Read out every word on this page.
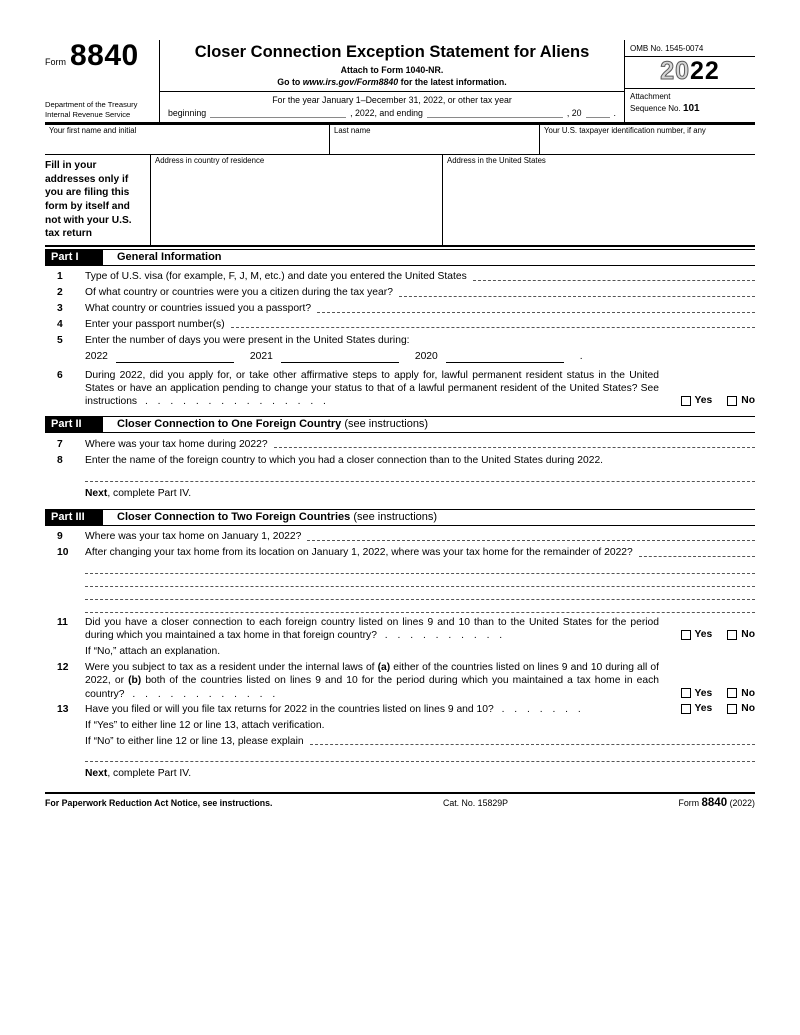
Form 8840
Department of the Treasury
Internal Revenue Service
Closer Connection Exception Statement for Aliens
Attach to Form 1040-NR.
Go to www.irs.gov/Form8840 for the latest information.
For the year January 1–December 31, 2022, or other tax year
beginning	, 2022, and ending	, 20	.
OMB No. 1545-0074
2022
Attachment
Sequence No. 101
Your first name and initial	Last name	Your U.S. taxpayer identification number, if any
Fill in your addresses only if you are filing this form by itself and not with your U.S. tax return
Address in country of residence	Address in the United States
Part I	General Information
1	Type of U.S. visa (for example, F, J, M, etc.) and date you entered the United States
2	Of what country or countries were you a citizen during the tax year?
3	What country or countries issued you a passport?
4	Enter your passport number(s)
5	Enter the number of days you were present in the United States during:
2022	2021	2020	.
6	During 2022, did you apply for, or take other affirmative steps to apply for, lawful permanent resident status in the United States or have an application pending to change your status to that of a lawful permanent resident of the United States? See instructions . . . . . . . . . . . . . . .	Yes	No
Part II	Closer Connection to One Foreign Country (see instructions)
7	Where was your tax home during 2022?
8	Enter the name of the foreign country to which you had a closer connection than to the United States during 2022.
Next, complete Part IV.
Part III	Closer Connection to Two Foreign Countries (see instructions)
9	Where was your tax home on January 1, 2022?
10	After changing your tax home from its location on January 1, 2022, where was your tax home for the remainder of 2022?
11	Did you have a closer connection to each foreign country listed on lines 9 and 10 than to the United States for the period during which you maintained a tax home in that foreign country? . . . . . . . . . .	Yes	No
If “No,” attach an explanation.
12	Were you subject to tax as a resident under the internal laws of (a) either of the countries listed on lines 9 and 10 during all of 2022, or (b) both of the countries listed on lines 9 and 10 for the period during which you maintained a tax home in each country? . . . . . . . . . . . .	Yes	No
13	Have you filed or will you file tax returns for 2022 in the countries listed on lines 9 and 10? . . . . . . .	Yes	No
If “Yes” to either line 12 or line 13, attach verification.
If “No” to either line 12 or line 13, please explain
Next, complete Part IV.
For Paperwork Reduction Act Notice, see instructions.	Cat. No. 15829P	Form 8840 (2022)
